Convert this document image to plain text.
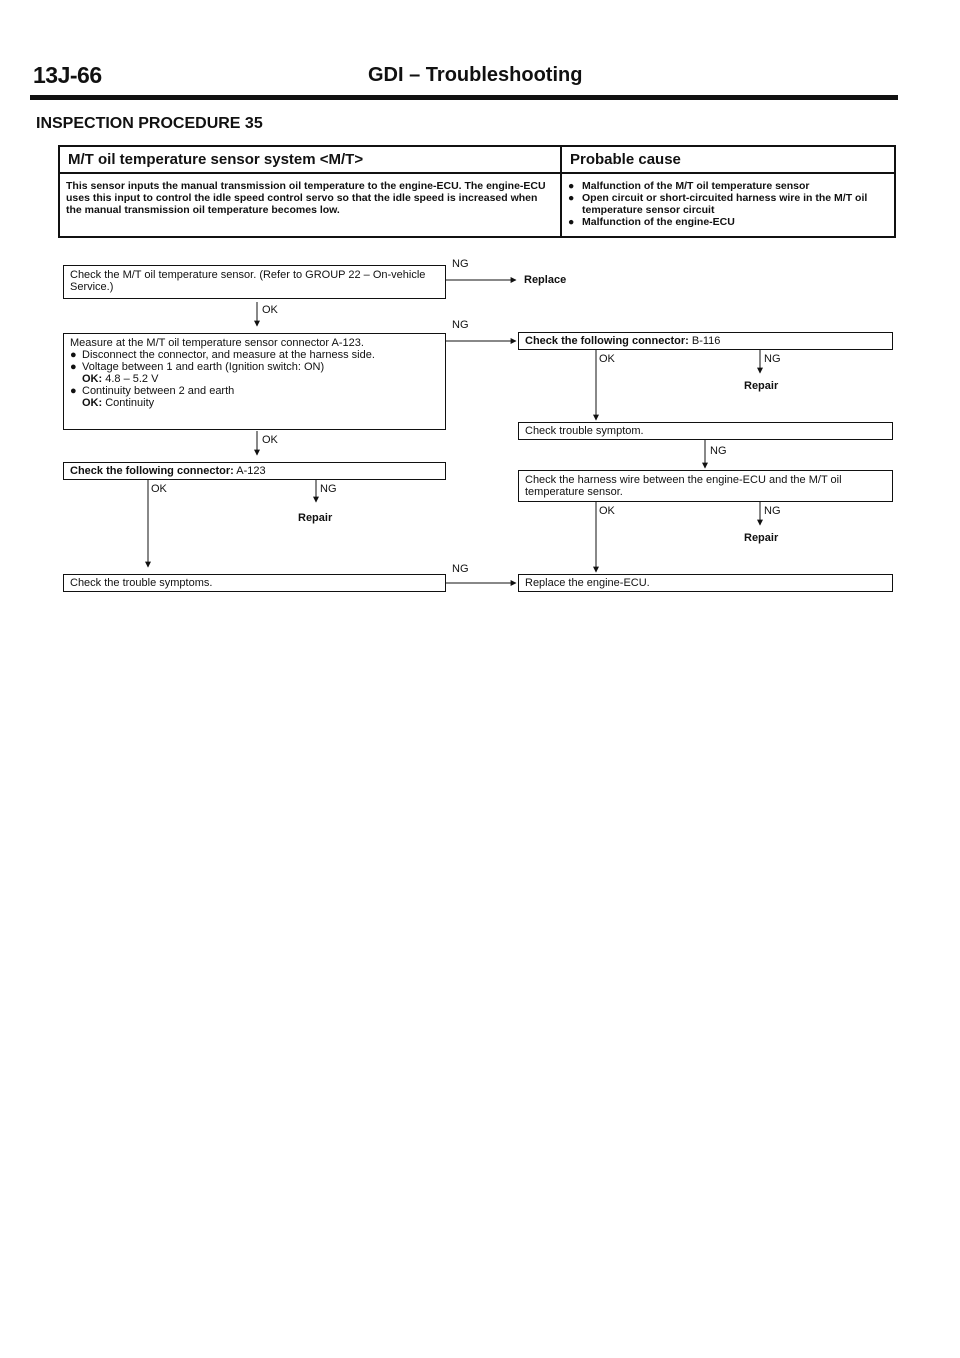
13J-66	GDI – Troubleshooting
INSPECTION PROCEDURE 35
M/T oil temperature sensor system <M/T>	Probable cause
This sensor inputs the manual transmission oil temperature to the engine-ECU. The engine-ECU uses this input to control the idle speed control servo so that the idle speed is increased when the manual transmission oil temperature becomes low.
● Malfunction of the M/T oil temperature sensor
● Open circuit or short-circuited harness wire in the M/T oil temperature sensor circuit
● Malfunction of the engine-ECU
Check the M/T oil temperature sensor. (Refer to GROUP 22 – On-vehicle Service.)
NG
Replace
OK
Measure at the M/T oil temperature sensor connector A-123.
● Disconnect the connector, and measure at the harness side.
● Voltage between 1 and earth (Ignition switch: ON)
OK: 4.8 – 5.2 V
● Continuity between 2 and earth
OK: Continuity
NG
OK
Check the following connector: A-123
OK	NG
Repair
Check the trouble symptoms.
NG
Check the following connector: B-116
OK	NG
Repair
Check trouble symptom.
NG
Check the harness wire between the engine-ECU and the M/T oil temperature sensor.
OK	NG
Repair
Replace the engine-ECU.
